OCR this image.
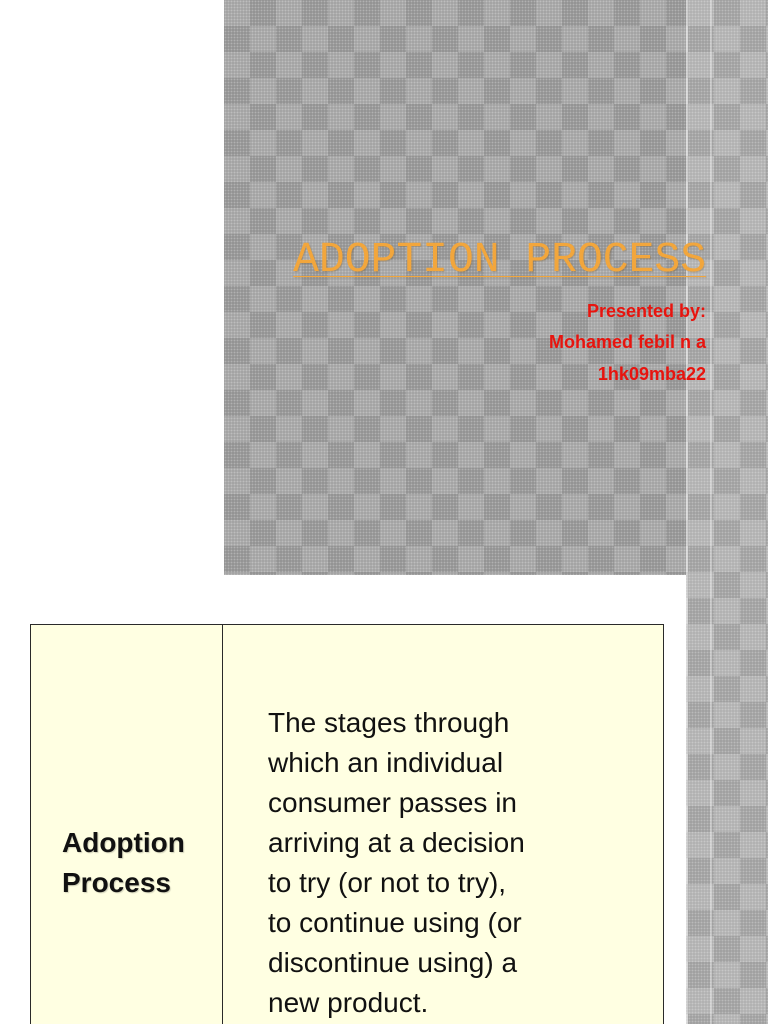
ADOPTION PROCESS

Presented by:

Mohamed febil n a

1hk09mba22

Adoption
Process
The stages through
which an individual
consumer passes in
arriving at a decision
to try (or not to try),
to continue using (or
discontinue using) a
new product.
